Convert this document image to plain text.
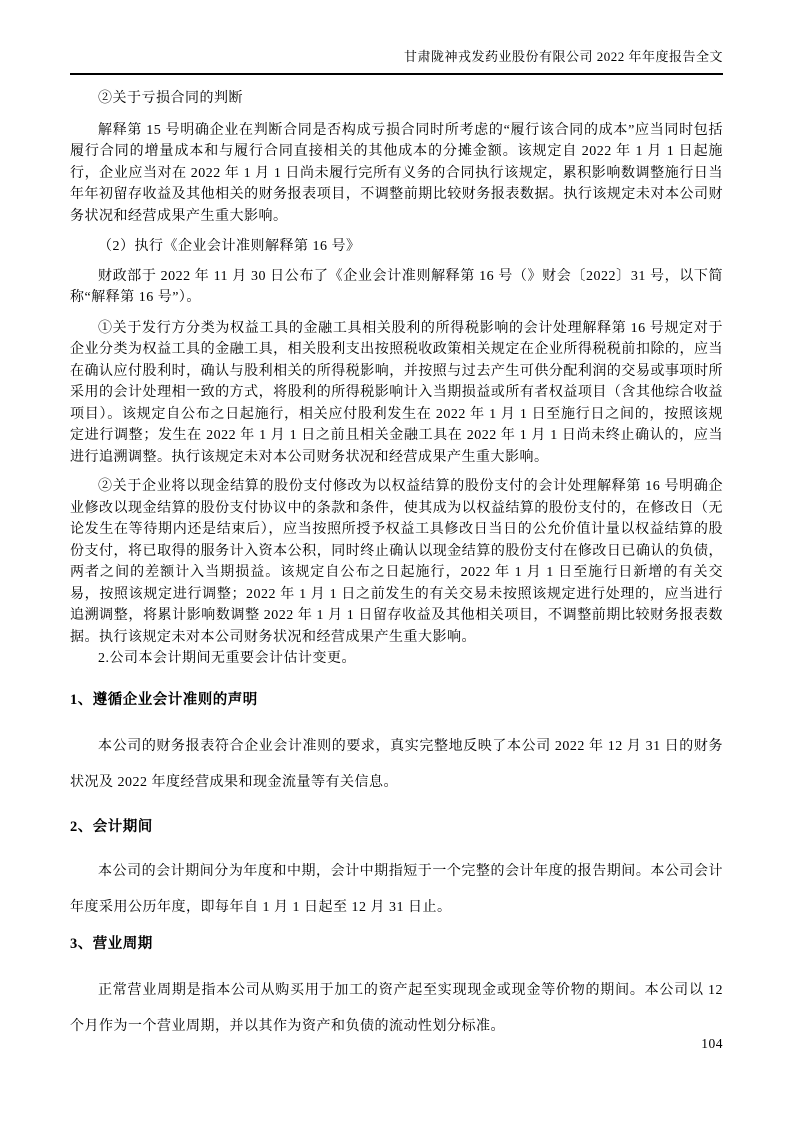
甘肃陇神戎发药业股份有限公司 2022 年年度报告全文

②关于亏损合同的判断

解释第 15 号明确企业在判断合同是否构成亏损合同时所考虑的“履行该合同的成本”应当同时包括履行合同的增量成本和与履行合同直接相关的其他成本的分摊金额。该规定自 2022 年 1 月 1 日起施行，企业应当对在 2022 年 1 月 1 日尚未履行完所有义务的合同执行该规定，累积影响数调整施行日当年年初留存收益及其他相关的财务报表项目，不调整前期比较财务报表数据。执行该规定未对本公司财务状况和经营成果产生重大影响。

（2）执行《企业会计准则解释第 16 号》

财政部于 2022 年 11 月 30 日公布了《企业会计准则解释第 16 号（》财会〔2022〕31 号，以下简称“解释第 16 号”）。

①关于发行方分类为权益工具的金融工具相关股利的所得税影响的会计处理解释第 16 号规定对于企业分类为权益工具的金融工具，相关股利支出按照税收政策相关规定在企业所得税税前扣除的，应当在确认应付股利时，确认与股利相关的所得税影响，并按照与过去产生可供分配利润的交易或事项时所采用的会计处理相一致的方式，将股利的所得税影响计入当期损益或所有者权益项目（含其他综合收益项目）。该规定自公布之日起施行，相关应付股利发生在 2022 年 1 月 1 日至施行日之间的，按照该规定进行调整；发生在 2022 年 1 月 1 日之前且相关金融工具在 2022 年 1 月 1 日尚未终止确认的，应当进行追溯调整。执行该规定未对本公司财务状况和经营成果产生重大影响。

②关于企业将以现金结算的股份支付修改为以权益结算的股份支付的会计处理解释第 16 号明确企业修改以现金结算的股份支付协议中的条款和条件，使其成为以权益结算的股份支付的，在修改日（无论发生在等待期内还是结束后），应当按照所授予权益工具修改日当日的公允价值计量以权益结算的股份支付，将已取得的服务计入资本公积，同时终止确认以现金结算的股份支付在修改日已确认的负债，两者之间的差额计入当期损益。该规定自公布之日起施行，2022 年 1 月 1 日至施行日新增的有关交易，按照该规定进行调整；2022 年 1 月 1 日之前发生的有关交易未按照该规定进行处理的，应当进行追溯调整，将累计影响数调整 2022 年 1 月 1 日留存收益及其他相关项目，不调整前期比较财务报表数据。执行该规定未对本公司财务状况和经营成果产生重大影响。

2.公司本会计期间无重要会计估计变更。

1、遵循企业会计准则的声明

本公司的财务报表符合企业会计准则的要求，真实完整地反映了本公司 2022 年 12 月 31 日的财务状况及 2022 年度经营成果和现金流量等有关信息。

2、会计期间

本公司的会计期间分为年度和中期，会计中期指短于一个完整的会计年度的报告期间。本公司会计年度采用公历年度，即每年自 1 月 1 日起至 12 月 31 日止。

3、营业周期

正常营业周期是指本公司从购买用于加工的资产起至实现现金或现金等价物的期间。本公司以 12 个月作为一个营业周期，并以其作为资产和负债的流动性划分标准。

104
